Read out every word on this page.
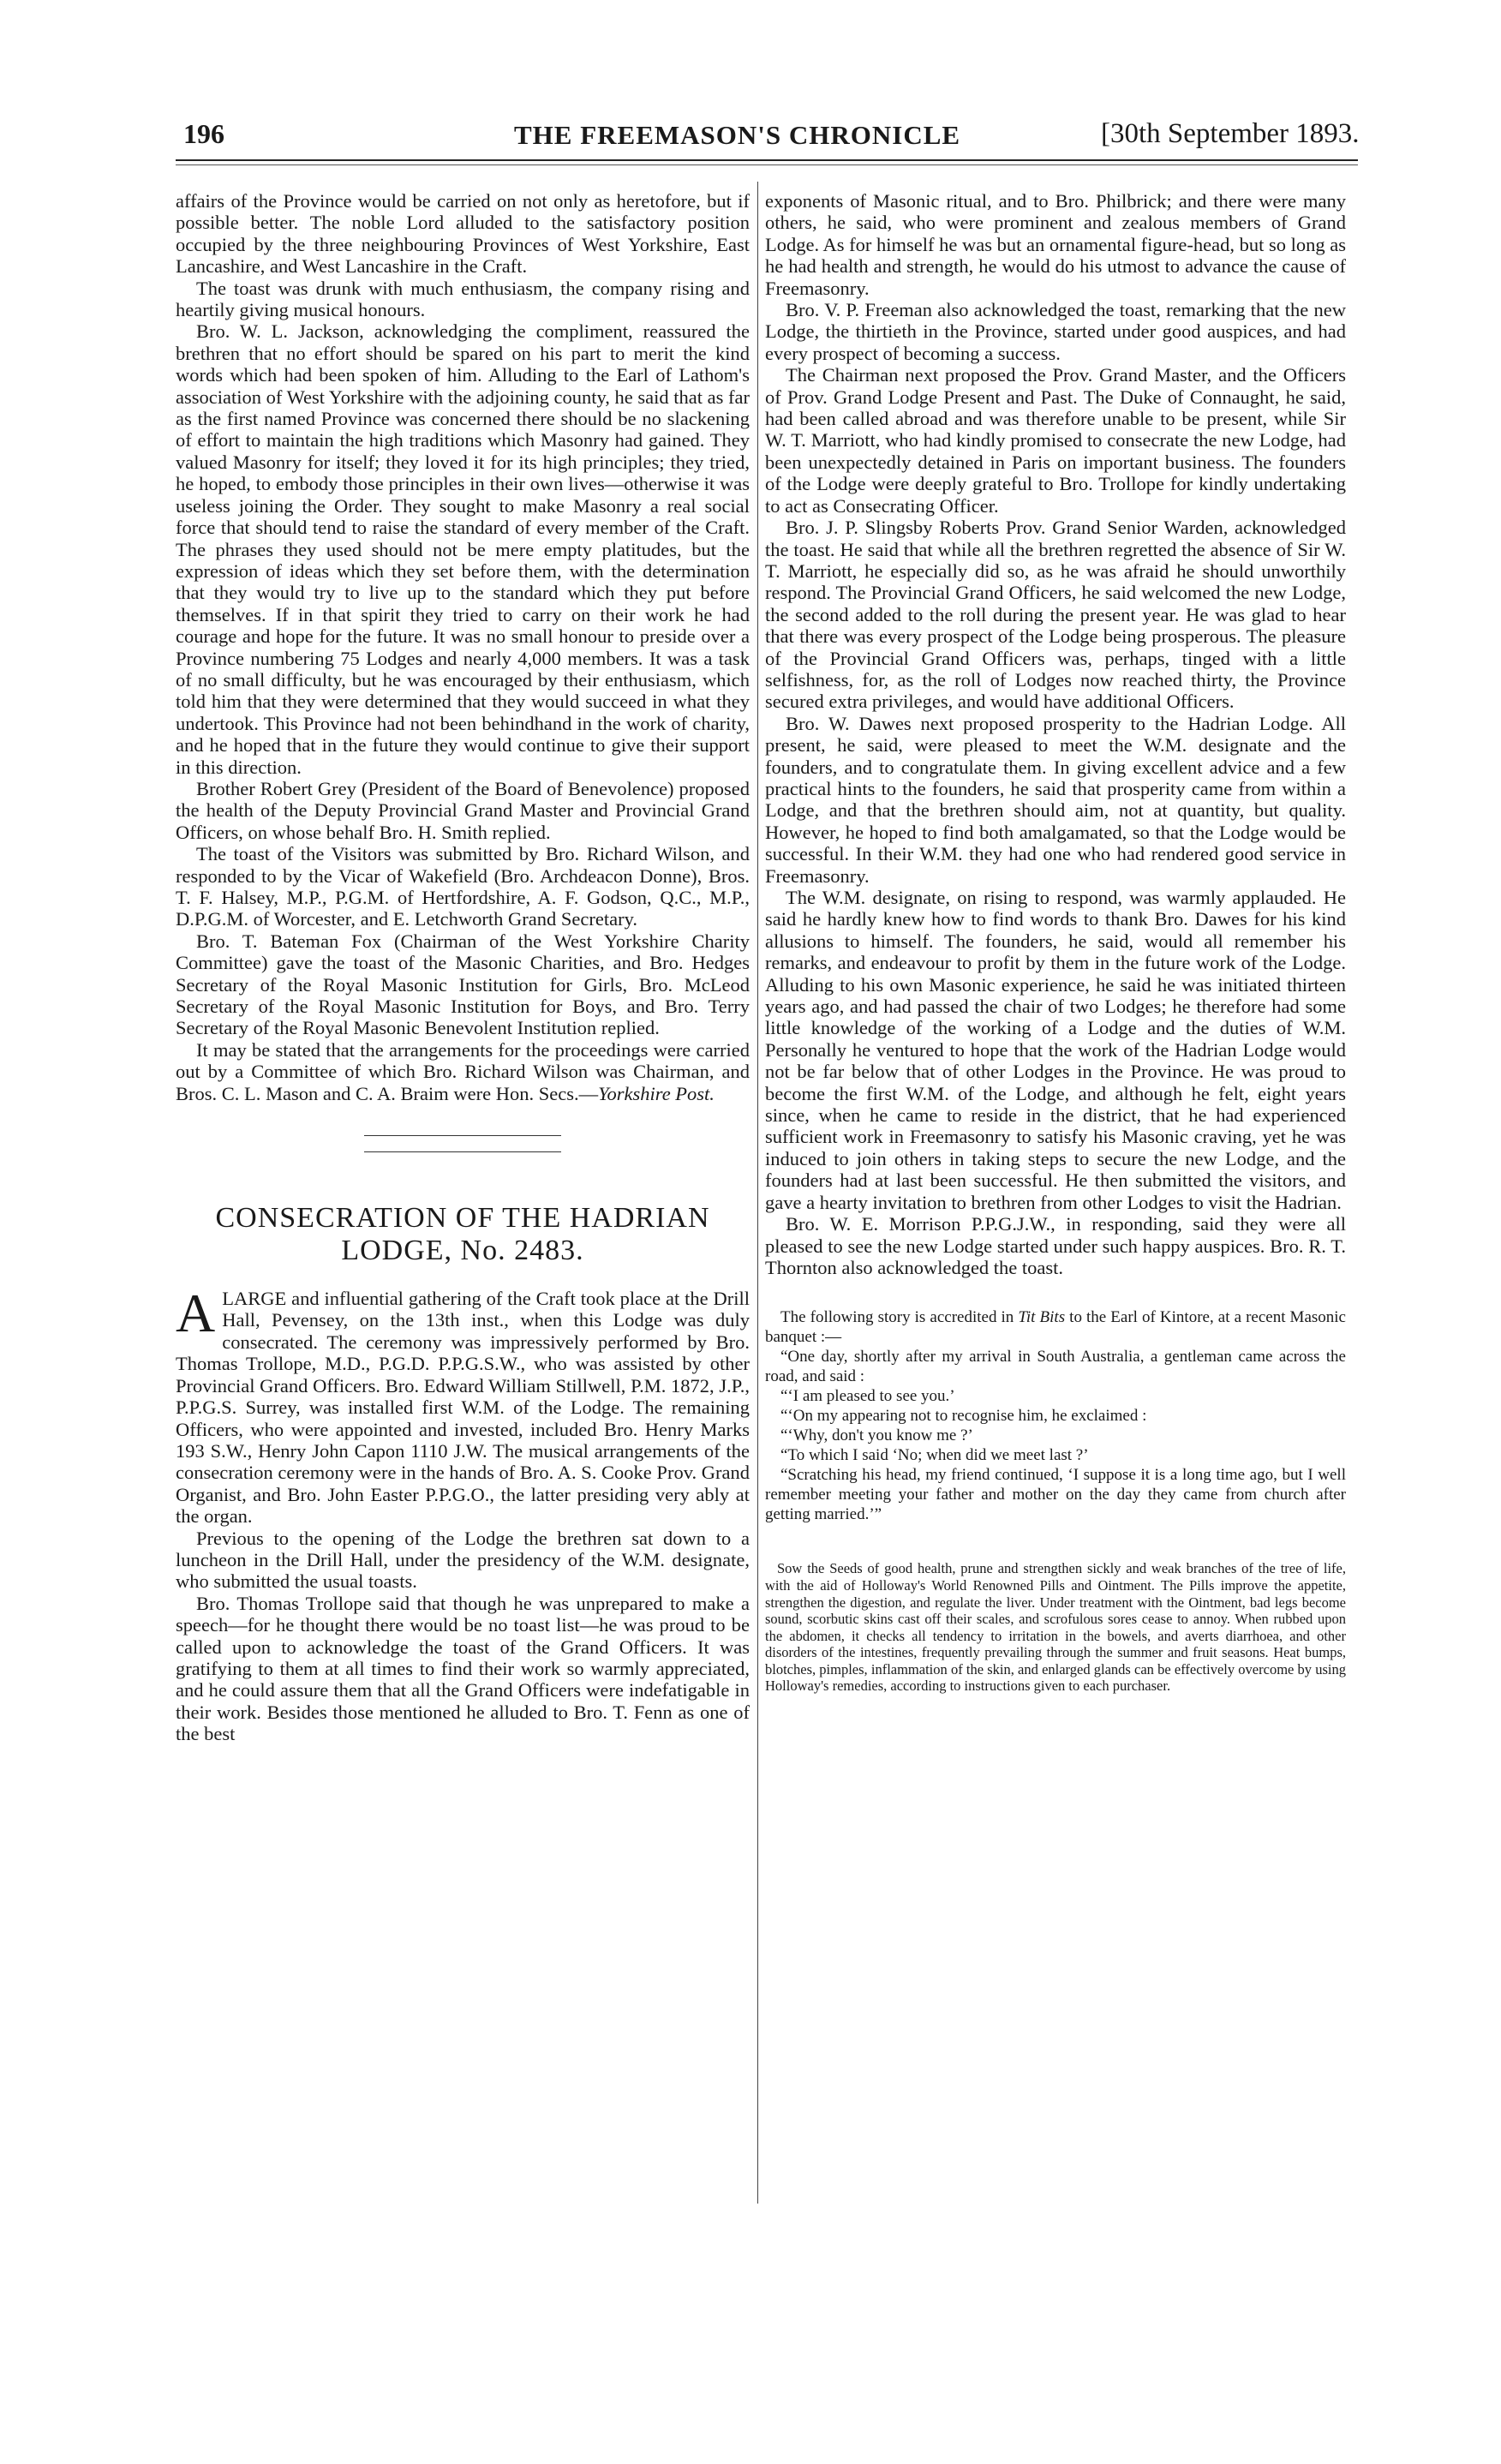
196	THE FREEMASON'S CHRONICLE	[30th September 1893.

affairs of the Province would be carried on not only as heretofore, but if possible better. The noble Lord alluded to the satisfactory position occupied by the three neighbouring Provinces of West Yorkshire, East Lancashire, and West Lancashire in the Craft.

The toast was drunk with much enthusiasm, the company rising and heartily giving musical honours.

Bro. W. L. Jackson, acknowledging the compliment, reassured the brethren that no effort should be spared on his part to merit the kind words which had been spoken of him. Alluding to the Earl of Lathom's association of West Yorkshire with the adjoining county, he said that as far as the first named Province was concerned there should be no slackening of effort to maintain the high traditions which Masonry had gained. They valued Masonry for itself; they loved it for its high principles; they tried, he hoped, to embody those principles in their own lives—otherwise it was useless joining the Order. They sought to make Masonry a real social force that should tend to raise the standard of every member of the Craft. The phrases they used should not be mere empty platitudes, but the expression of ideas which they set before them, with the determination that they would try to live up to the standard which they put before themselves. If in that spirit they tried to carry on their work he had courage and hope for the future. It was no small honour to preside over a Province numbering 75 Lodges and nearly 4,000 members. It was a task of no small difficulty, but he was encouraged by their enthusiasm, which told him that they were determined that they would succeed in what they undertook. This Province had not been behindhand in the work of charity, and he hoped that in the future they would continue to give their support in this direction.

Brother Robert Grey (President of the Board of Benevolence) proposed the health of the Deputy Provincial Grand Master and Provincial Grand Officers, on whose behalf Bro. H. Smith replied.

The toast of the Visitors was submitted by Bro. Richard Wilson, and responded to by the Vicar of Wakefield (Bro. Archdeacon Donne), Bros. T. F. Halsey, M.P., P.G.M. of Hertfordshire, A. F. Godson, Q.C., M.P., D.P.G.M. of Worcester, and E. Letchworth Grand Secretary.

Bro. T. Bateman Fox (Chairman of the West Yorkshire Charity Committee) gave the toast of the Masonic Charities, and Bro. Hedges Secretary of the Royal Masonic Institution for Girls, Bro. McLeod Secretary of the Royal Masonic Institution for Boys, and Bro. Terry Secretary of the Royal Masonic Benevolent Institution replied.

It may be stated that the arrangements for the proceedings were carried out by a Committee of which Bro. Richard Wilson was Chairman, and Bros. C. L. Mason and C. A. Braim were Hon. Secs.—Yorkshire Post.

CONSECRATION OF THE HADRIAN LODGE, No. 2483.

ALARGE and influential gathering of the Craft took place at the Drill Hall, Pevensey, on the 13th inst., when this Lodge was duly consecrated. The ceremony was impressively performed by Bro. Thomas Trollope, M.D., P.G.D. P.P.G.S.W., who was assisted by other Provincial Grand Officers. Bro. Edward William Stillwell, P.M. 1872, J.P., P.P.G.S. Surrey, was installed first W.M. of the Lodge. The remaining Officers, who were appointed and invested, included Bro. Henry Marks 193 S.W., Henry John Capon 1110 J.W. The musical arrangements of the consecration ceremony were in the hands of Bro. A. S. Cooke Prov. Grand Organist, and Bro. John Easter P.P.G.O., the latter presiding very ably at the organ.

Previous to the opening of the Lodge the brethren sat down to a luncheon in the Drill Hall, under the presidency of the W.M. designate, who submitted the usual toasts.

Bro. Thomas Trollope said that though he was unprepared to make a speech—for he thought there would be no toast list—he was proud to be called upon to acknowledge the toast of the Grand Officers. It was gratifying to them at all times to find their work so warmly appreciated, and he could assure them that all the Grand Officers were indefatigable in their work. Besides those mentioned he alluded to Bro. T. Fenn as one of the best

exponents of Masonic ritual, and to Bro. Philbrick; and there were many others, he said, who were prominent and zealous members of Grand Lodge. As for himself he was but an ornamental figure-head, but so long as he had health and strength, he would do his utmost to advance the cause of Freemasonry.

Bro. V. P. Freeman also acknowledged the toast, remarking that the new Lodge, the thirtieth in the Province, started under good auspices, and had every prospect of becoming a success.

The Chairman next proposed the Prov. Grand Master, and the Officers of Prov. Grand Lodge Present and Past. The Duke of Connaught, he said, had been called abroad and was therefore unable to be present, while Sir W. T. Marriott, who had kindly promised to consecrate the new Lodge, had been unexpectedly detained in Paris on important business. The founders of the Lodge were deeply grateful to Bro. Trollope for kindly undertaking to act as Consecrating Officer.

Bro. J. P. Slingsby Roberts Prov. Grand Senior Warden, acknowledged the toast. He said that while all the brethren regretted the absence of Sir W. T. Marriott, he especially did so, as he was afraid he should unworthily respond. The Provincial Grand Officers, he said welcomed the new Lodge, the second added to the roll during the present year. He was glad to hear that there was every prospect of the Lodge being prosperous. The pleasure of the Provincial Grand Officers was, perhaps, tinged with a little selfishness, for, as the roll of Lodges now reached thirty, the Province secured extra privileges, and would have additional Officers.

Bro. W. Dawes next proposed prosperity to the Hadrian Lodge. All present, he said, were pleased to meet the W.M. designate and the founders, and to congratulate them. In giving excellent advice and a few practical hints to the founders, he said that prosperity came from within a Lodge, and that the brethren should aim, not at quantity, but quality. However, he hoped to find both amalgamated, so that the Lodge would be successful. In their W.M. they had one who had rendered good service in Freemasonry.

The W.M. designate, on rising to respond, was warmly applauded. He said he hardly knew how to find words to thank Bro. Dawes for his kind allusions to himself. The founders, he said, would all remember his remarks, and endeavour to profit by them in the future work of the Lodge. Alluding to his own Masonic experience, he said he was initiated thirteen years ago, and had passed the chair of two Lodges; he therefore had some little knowledge of the working of a Lodge and the duties of W.M. Personally he ventured to hope that the work of the Hadrian Lodge would not be far below that of other Lodges in the Province. He was proud to become the first W.M. of the Lodge, and although he felt, eight years since, when he came to reside in the district, that he had experienced sufficient work in Freemasonry to satisfy his Masonic craving, yet he was induced to join others in taking steps to secure the new Lodge, and the founders had at last been successful. He then submitted the visitors, and gave a hearty invitation to brethren from other Lodges to visit the Hadrian.

Bro. W. E. Morrison P.P.G.J.W., in responding, said they were all pleased to see the new Lodge started under such happy auspices. Bro. R. T. Thornton also acknowledged the toast.

The following story is accredited in Tit Bits to the Earl of Kintore, at a recent Masonic banquet :—

“One day, shortly after my arrival in South Australia, a gentleman came across the road, and said :

“‘I am pleased to see you.’

“‘On my appearing not to recognise him, he exclaimed :

“‘Why, don't you know me ?’

“To which I said ‘No; when did we meet last ?’

“Scratching his head, my friend continued, ‘I suppose it is a long time ago, but I well remember meeting your father and mother on the day they came from church after getting married.’”

Sow the Seeds of good health, prune and strengthen sickly and weak branches of the tree of life, with the aid of Holloway's World Renowned Pills and Ointment. The Pills improve the appetite, strengthen the digestion, and regulate the liver. Under treatment with the Ointment, bad legs become sound, scorbutic skins cast off their scales, and scrofulous sores cease to annoy. When rubbed upon the abdomen, it checks all tendency to irritation in the bowels, and averts diarrhoea, and other disorders of the intestines, frequently prevailing through the summer and fruit seasons. Heat bumps, blotches, pimples, inflammation of the skin, and enlarged glands can be effectively overcome by using Holloway's remedies, according to instructions given to each purchaser.
